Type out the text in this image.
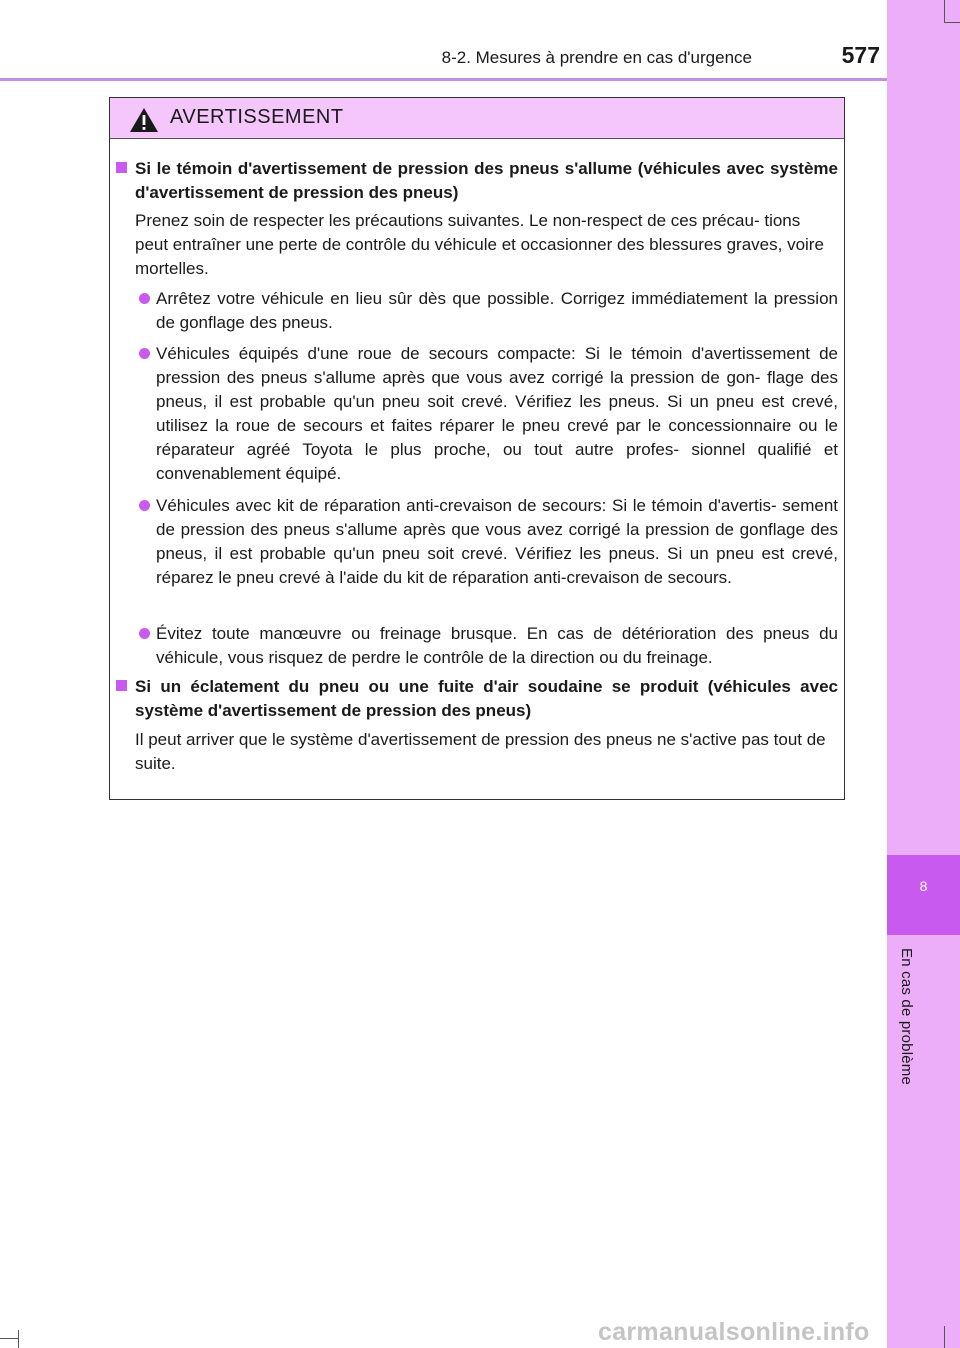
8
En cas de problème
8-2. Mesures à prendre en cas d'urgence	577
AVERTISSEMENT
Si le témoin d'avertissement de pression des pneus s'allume (véhicules avec système d'avertissement de pression des pneus)
Prenez soin de respecter les précautions suivantes. Le non-respect de ces précau- tions peut entraîner une perte de contrôle du véhicule et occasionner des blessures graves, voire mortelles.
Arrêtez votre véhicule en lieu sûr dès que possible. Corrigez immédiatement la pression de gonflage des pneus.
Véhicules équipés d'une roue de secours compacte: Si le témoin d'avertissement de pression des pneus s'allume après que vous avez corrigé la pression de gon- flage des pneus, il est probable qu'un pneu soit crevé. Vérifiez les pneus. Si un pneu est crevé, utilisez la roue de secours et faites réparer le pneu crevé par le concessionnaire ou le réparateur agréé Toyota le plus proche, ou tout autre profes- sionnel qualifié et convenablement équipé.
Véhicules avec kit de réparation anti-crevaison de secours: Si le témoin d'avertis- sement de pression des pneus s'allume après que vous avez corrigé la pression de gonflage des pneus, il est probable qu'un pneu soit crevé. Vérifiez les pneus. Si un pneu est crevé, réparez le pneu crevé à l'aide du kit de réparation anti-crevaison de secours.
Évitez toute manœuvre ou freinage brusque. En cas de détérioration des pneus du véhicule, vous risquez de perdre le contrôle de la direction ou du freinage.
Si un éclatement du pneu ou une fuite d'air soudaine se produit (véhicules avec système d'avertissement de pression des pneus)
Il peut arriver que le système d'avertissement de pression des pneus ne s'active pas tout de suite.
carmanualsonline.info
